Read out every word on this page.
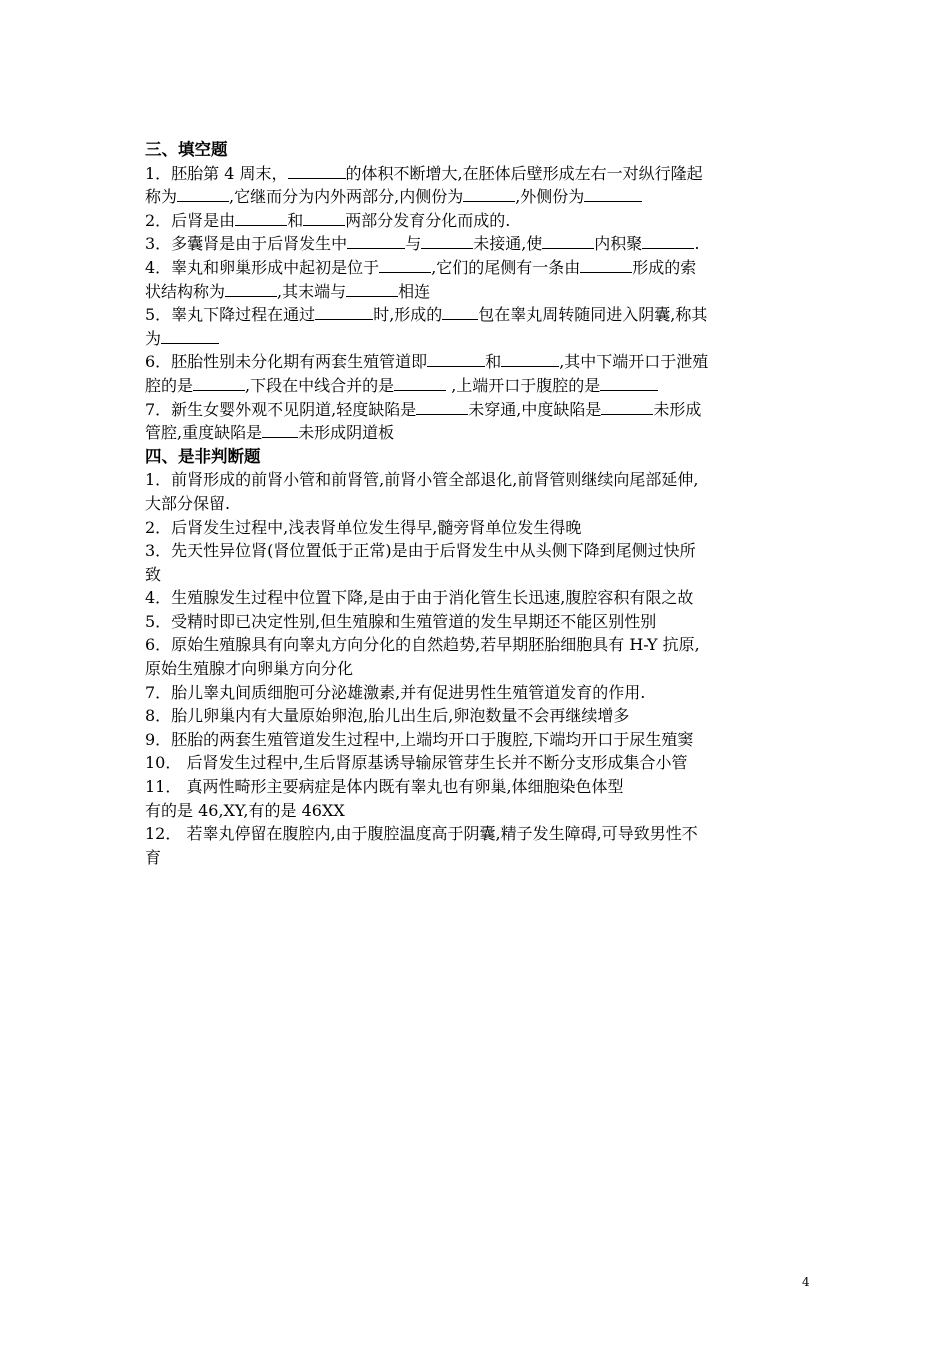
三、填空题
1．胚胎第 4 周末，	的体积不断增大,在胚体后壁形成左右一对纵行隆起
称为	,它继而分为内外两部分,内侧份为	,外侧份为
2．后肾是由	和	两部分发育分化而成的.
3．多囊肾是由于后肾发生中	与	未接通,使	内积聚	.
4．睾丸和卵巢形成中起初是位于	,它们的尾侧有一条由	形成的索
状结构称为	,其末端与	相连
5．睾丸下降过程在通过	时,形成的 包在睾丸周转随同进入阴囊,称其
为
6．胚胎性别未分化期有两套生殖管道即	和	,其中下端开口于泄殖
腔的是	,下段在中线合并的是	,上端开口于腹腔的是
7．新生女婴外观不见阴道,轻度缺陷是	未穿通,中度缺陷是	未形成
管腔,重度缺陷是 未形成阴道板
四、是非判断题
1．前肾形成的前肾小管和前肾管,前肾小管全部退化,前肾管则继续向尾部延伸,
大部分保留.
2．后肾发生过程中,浅表肾单位发生得早,髓旁肾单位发生得晚
3．先天性异位肾(肾位置低于正常)是由于后肾发生中从头侧下降到尾侧过快所
致
4．生殖腺发生过程中位置下降,是由于由于消化管生长迅速,腹腔容积有限之故
5．受精时即已决定性别,但生殖腺和生殖管道的发生早期还不能区别性别
6．原始生殖腺具有向睾丸方向分化的自然趋势,若早期胚胎细胞具有 H-Y 抗原,
原始生殖腺才向卵巢方向分化
7．胎儿睾丸间质细胞可分泌雄激素,并有促进男性生殖管道发育的作用.
8．胎儿卵巢内有大量原始卵泡,胎儿出生后,卵泡数量不会再继续增多
9．胚胎的两套生殖管道发生过程中,上端均开口于腹腔,下端均开口于尿生殖窦
10． 后肾发生过程中,生后肾原基诱导输尿管芽生长并不断分支形成集合小管
11． 真两性畸形主要病症是体内既有睾丸也有卵巢,体细胞染色体型
有的是 46,XY,有的是 46XX
12． 若睾丸停留在腹腔内,由于腹腔温度高于阴囊,精子发生障碍,可导致男性不
育
4
